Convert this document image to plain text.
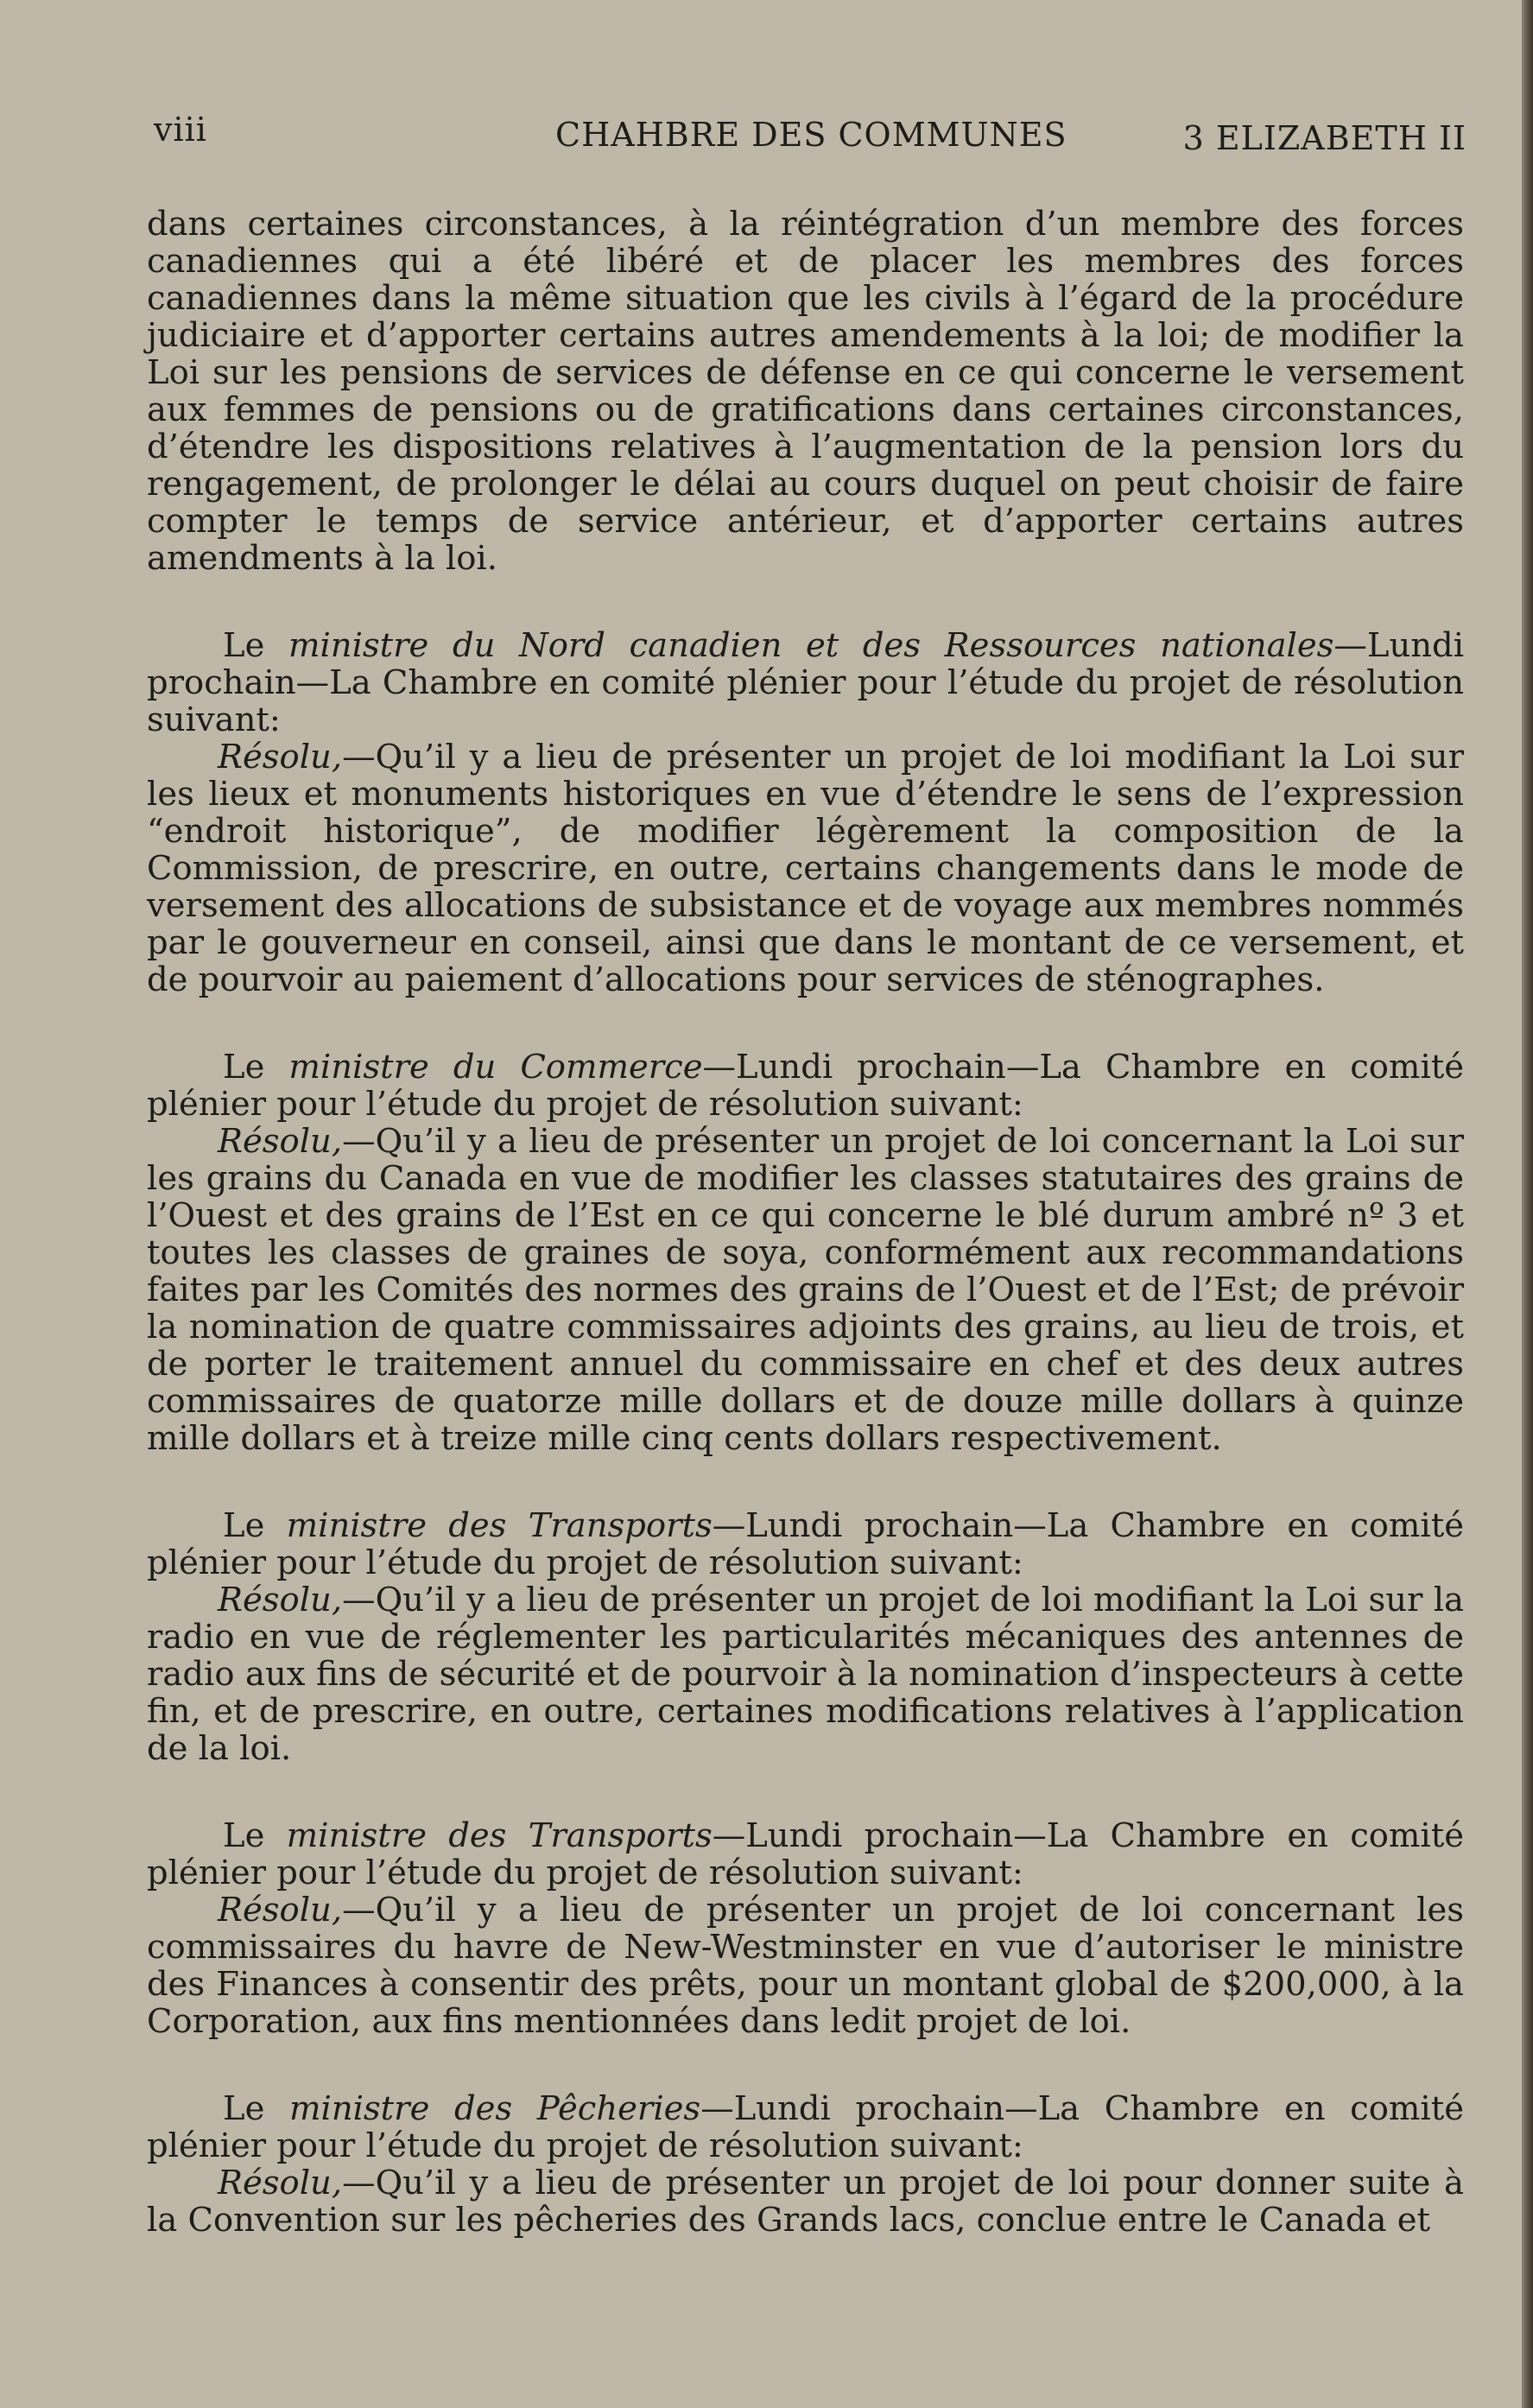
viii	CHAHBRE DES COMMUNES	3 ELIZABETH II

dans certaines circonstances, à la réintégration d’un membre des forces canadiennes qui a été libéré et de placer les membres des forces canadiennes dans la même situation que les civils à l’égard de la procédure judiciaire et d’apporter certains autres amendements à la loi; de modifier la Loi sur les pensions de services de défense en ce qui concerne le versement aux femmes de pensions ou de gratifications dans certaines circonstances, d’étendre les dispositions relatives à l’augmentation de la pension lors du rengagement, de prolonger le délai au cours duquel on peut choisir de faire compter le temps de service antérieur, et d’apporter certains autres amendments à la loi.

Le ministre du Nord canadien et des Ressources nationales—Lundi prochain—La Chambre en comité plénier pour l’étude du projet de résolution suivant:

Résolu,—Qu’il y a lieu de présenter un projet de loi modifiant la Loi sur les lieux et monuments historiques en vue d’étendre le sens de l’expression “endroit historique”, de modifier légèrement la composition de la Commission, de prescrire, en outre, certains changements dans le mode de versement des allocations de subsistance et de voyage aux membres nommés par le gouverneur en conseil, ainsi que dans le montant de ce versement, et de pourvoir au paiement d’allocations pour services de sténographes.

Le ministre du Commerce—Lundi prochain—La Chambre en comité plénier pour l’étude du projet de résolution suivant:

Résolu,—Qu’il y a lieu de présenter un projet de loi concernant la Loi sur les grains du Canada en vue de modifier les classes statutaires des grains de l’Ouest et des grains de l’Est en ce qui concerne le blé durum ambré nº 3 et toutes les classes de graines de soya, conformément aux recommandations faites par les Comités des normes des grains de l’Ouest et de l’Est; de prévoir la nomination de quatre commissaires adjoints des grains, au lieu de trois, et de porter le traitement annuel du commissaire en chef et des deux autres commissaires de quatorze mille dollars et de douze mille dollars à quinze mille dollars et à treize mille cinq cents dollars respectivement.

Le ministre des Transports—Lundi prochain—La Chambre en comité plénier pour l’étude du projet de résolution suivant:

Résolu,—Qu’il y a lieu de présenter un projet de loi modifiant la Loi sur la radio en vue de réglementer les particularités mécaniques des antennes de radio aux fins de sécurité et de pourvoir à la nomination d’inspecteurs à cette fin, et de prescrire, en outre, certaines modifications relatives à l’application de la loi.

Le ministre des Transports—Lundi prochain—La Chambre en comité plénier pour l’étude du projet de résolution suivant:

Résolu,—Qu’il y a lieu de présenter un projet de loi concernant les commissaires du havre de New-Westminster en vue d’autoriser le ministre des Finances à consentir des prêts, pour un montant global de $200,000, à la Corporation, aux fins mentionnées dans ledit projet de loi.

Le ministre des Pêcheries—Lundi prochain—La Chambre en comité plénier pour l’étude du projet de résolution suivant:

Résolu,—Qu’il y a lieu de présenter un projet de loi pour donner suite à la Convention sur les pêcheries des Grands lacs, conclue entre le Canada et
